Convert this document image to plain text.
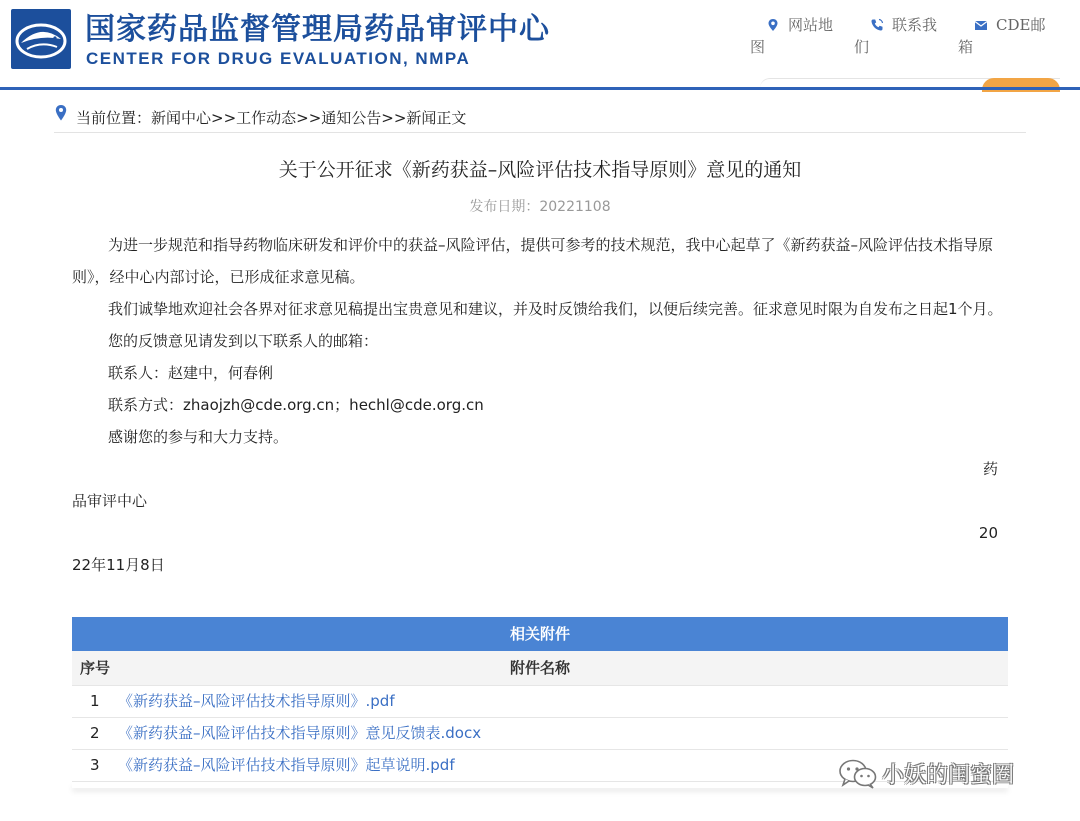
国家药品监督管理局药品审评中心
CENTER FOR DRUG EVALUATION, NMPA
网站地
图
联系我
们
CDE邮
箱
当前位置：新闻中心>>工作动态>>通知公告>>新闻正文
关于公开征求《新药获益–风险评估技术指导原则》意见的通知
发布日期：20221108

为进一步规范和指导药物临床研发和评价中的获益–风险评估，提供可参考的技术规范，我中心起草了《新药获益–风险评估技术指导原则》，经中心内部讨论，已形成征求意见稿。

我们诚挚地欢迎社会各界对征求意见稿提出宝贵意见和建议，并及时反馈给我们，以便后续完善。征求意见时限为自发布之日起1个月。

您的反馈意见请发到以下联系人的邮箱：

联系人：赵建中，何春俐

联系方式：zhaojzh@cde.org.cn；hechl@cde.org.cn

感谢您的参与和大力支持。

药
品审评中心
20
22年11月8日
相关附件
附件名称
序号
1 《新药获益–风险评估技术指导原则》.pdf
2 《新药获益–风险评估技术指导原则》意见反馈表.docx
3 《新药获益–风险评估技术指导原则》起草说明.pdf	小妖的闺蜜圈
